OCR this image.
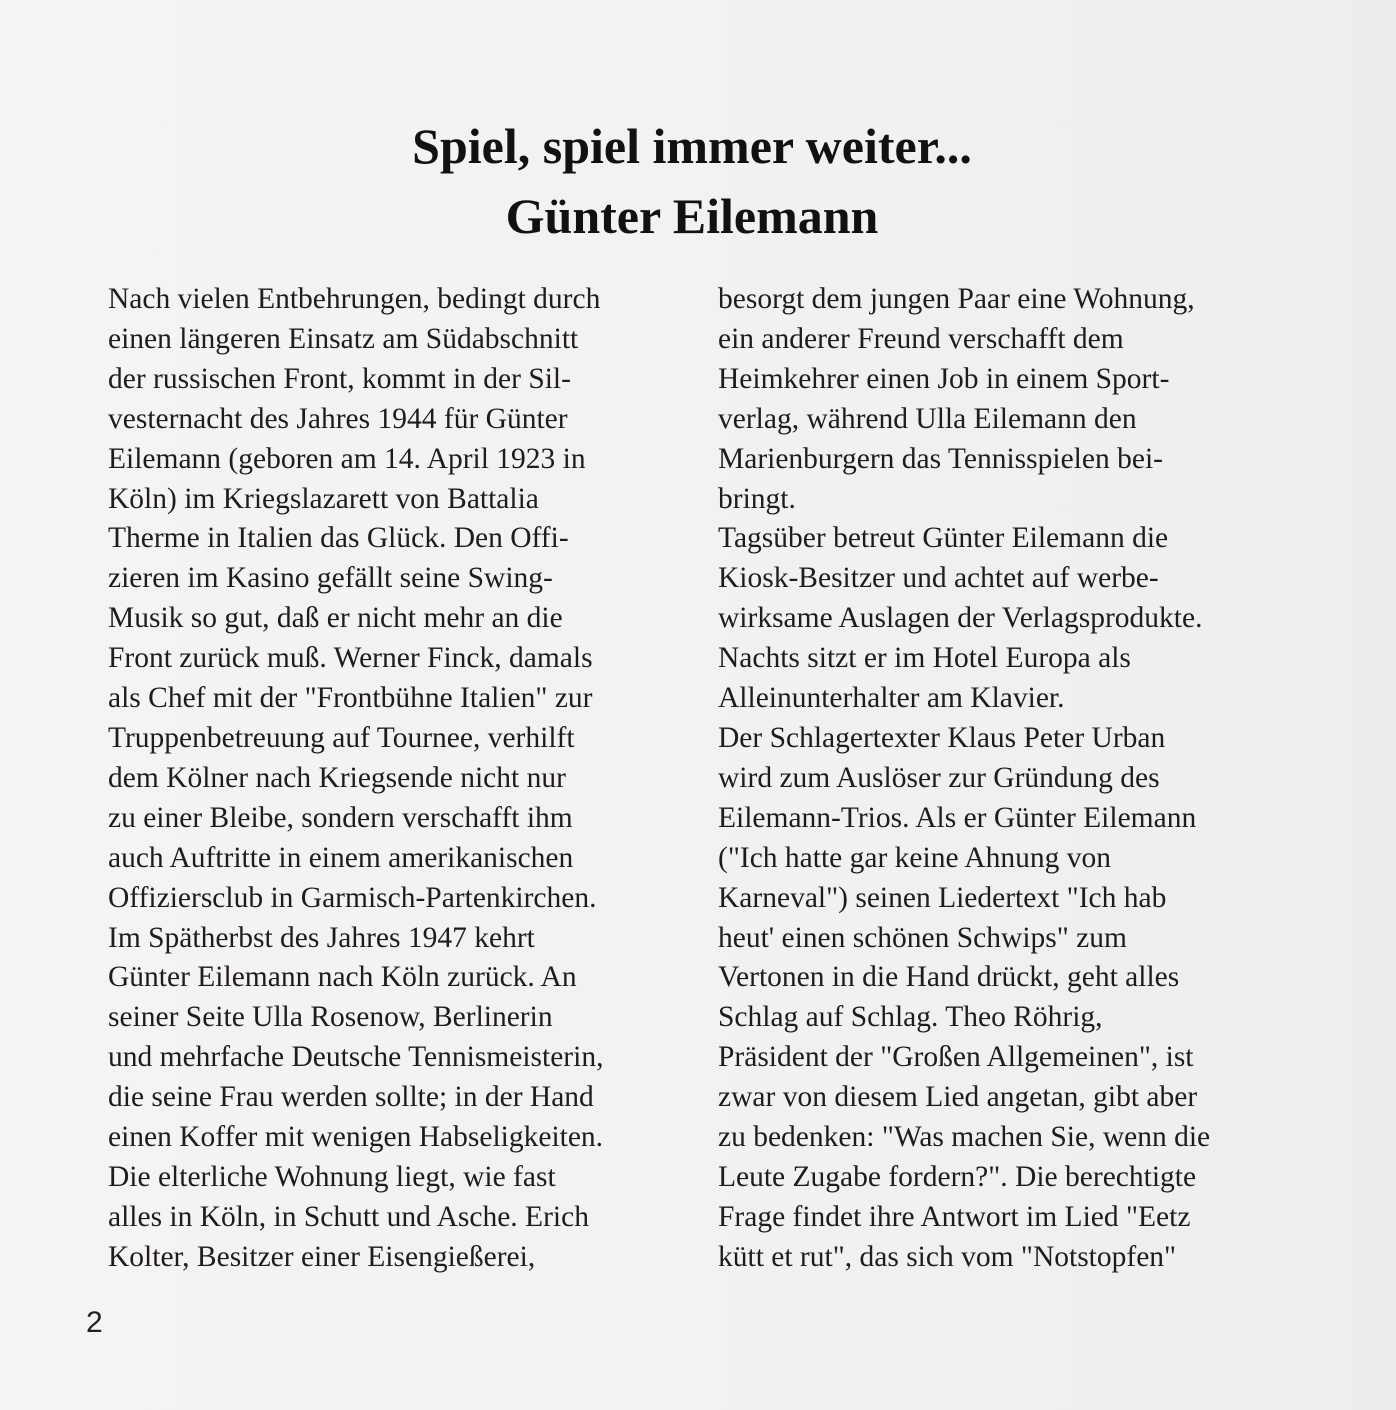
Spiel, spiel immer weiter...
Günter Eilemann
Nach vielen Entbehrungen, bedingt durch
einen längeren Einsatz am Südabschnitt
der russischen Front, kommt in der Sil-
vesternacht des Jahres 1944 für Günter
Eilemann (geboren am 14. April 1923 in
Köln) im Kriegslazarett von Battalia
Therme in Italien das Glück. Den Offi-
zieren im Kasino gefällt seine Swing-
Musik so gut, daß er nicht mehr an die
Front zurück muß. Werner Finck, damals
als Chef mit der "Frontbühne Italien" zur
Truppenbetreuung auf Tournee, verhilft
dem Kölner nach Kriegsende nicht nur
zu einer Bleibe, sondern verschafft ihm
auch Auftritte in einem amerikanischen
Offiziersclub in Garmisch-Partenkirchen.
Im Spätherbst des Jahres 1947 kehrt
Günter Eilemann nach Köln zurück. An
seiner Seite Ulla Rosenow, Berlinerin
und mehrfache Deutsche Tennismeisterin,
die seine Frau werden sollte; in der Hand
einen Koffer mit wenigen Habseligkeiten.
Die elterliche Wohnung liegt, wie fast
alles in Köln, in Schutt und Asche. Erich
Kolter, Besitzer einer Eisengießerei,
besorgt dem jungen Paar eine Wohnung,
ein anderer Freund verschafft dem
Heimkehrer einen Job in einem Sport-
verlag, während Ulla Eilemann den
Marienburgern das Tennisspielen bei-
bringt.
Tagsüber betreut Günter Eilemann die
Kiosk-Besitzer und achtet auf werbe-
wirksame Auslagen der Verlagsprodukte.
Nachts sitzt er im Hotel Europa als
Alleinunterhalter am Klavier.
Der Schlagertexter Klaus Peter Urban
wird zum Auslöser zur Gründung des
Eilemann-Trios. Als er Günter Eilemann
("Ich hatte gar keine Ahnung von
Karneval") seinen Liedertext "Ich hab
heut' einen schönen Schwips" zum
Vertonen in die Hand drückt, geht alles
Schlag auf Schlag. Theo Röhrig,
Präsident der "Großen Allgemeinen", ist
zwar von diesem Lied angetan, gibt aber
zu bedenken: "Was machen Sie, wenn die
Leute Zugabe fordern?". Die berechtigte
Frage findet ihre Antwort im Lied "Eetz
kütt et rut", das sich vom "Notstopfen"
2
